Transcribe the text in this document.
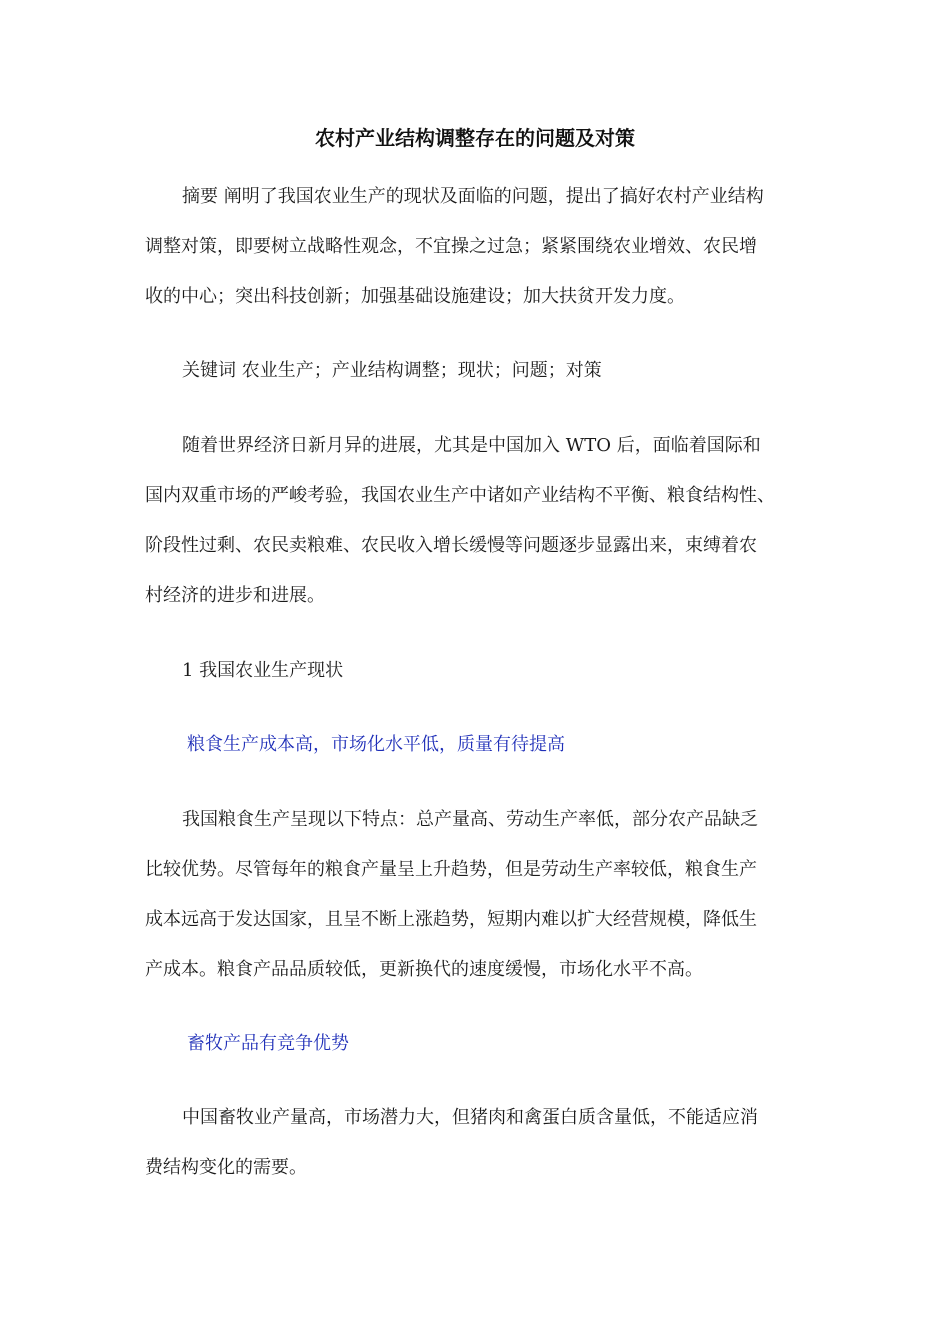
农村产业结构调整存在的问题及对策
摘要 阐明了我国农业生产的现状及面临的问题，提出了搞好农村产业结构
调整对策，即要树立战略性观念，不宜操之过急；紧紧围绕农业增效、农民增
收的中心；突出科技创新；加强基础设施建设；加大扶贫开发力度。
关键词 农业生产；产业结构调整；现状；问题；对策
随着世界经济日新月异的进展，尤其是中国加入 WTO 后，面临着国际和
国内双重市场的严峻考验，我国农业生产中诸如产业结构不平衡、粮食结构性、
阶段性过剩、农民卖粮难、农民收入增长缓慢等问题逐步显露出来，束缚着农
村经济的进步和进展。
1 我国农业生产现状
粮食生产成本高，市场化水平低，质量有待提高
我国粮食生产呈现以下特点：总产量高、劳动生产率低，部分农产品缺乏
比较优势。尽管每年的粮食产量呈上升趋势，但是劳动生产率较低，粮食生产
成本远高于发达国家，且呈不断上涨趋势，短期内难以扩大经营规模，降低生
产成本。粮食产品品质较低，更新换代的速度缓慢，市场化水平不高。
畜牧产品有竞争优势
中国畜牧业产量高，市场潜力大，但猪肉和禽蛋白质含量低，不能适应消
费结构变化的需要。
